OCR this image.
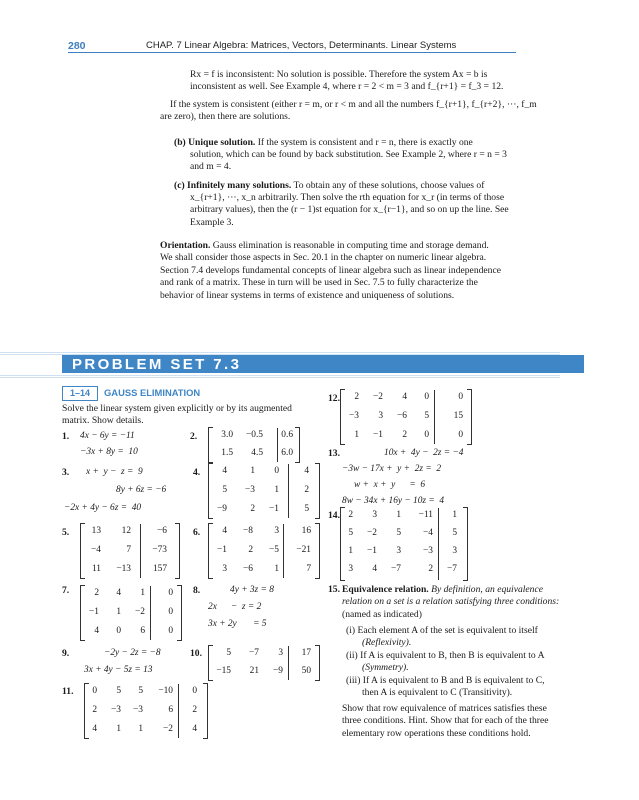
280	CHAP. 7 Linear Algebra: Matrices, Vectors, Determinants. Linear Systems
Rx = f is inconsistent: No solution is possible. Therefore the system Ax = b is
inconsistent as well. See Example 4, where r = 2 < m = 3 and f_{r+1} = f_3 = 12.
If the system is consistent (either r = m, or r < m and all the numbers f_{r+1}, f_{r+2}, ···, f_m
are zero), then there are solutions.
(b) Unique solution. If the system is consistent and r = n, there is exactly one
solution, which can be found by back substitution. See Example 2, where r = n = 3
and m = 4.
(c) Infinitely many solutions. To obtain any of these solutions, choose values of
x_{r+1}, ···, x_n arbitrarily. Then solve the rth equation for x_r (in terms of those
arbitrary values), then the (r − 1)st equation for x_{r−1}, and so on up the line. See
Example 3.
Orientation. Gauss elimination is reasonable in computing time and storage demand.
We shall consider those aspects in Sec. 20.1 in the chapter on numeric linear algebra.
Section 7.4 develops fundamental concepts of linear algebra such as linear independence
and rank of a matrix. These in turn will be used in Sec. 7.5 to fully characterize the
behavior of linear systems in terms of existence and uniqueness of solutions.
PROBLEM SET 7.3
1–14	GAUSS ELIMINATION
Solve the linear system given explicitly or by its augmented
matrix. Show details.
1. 4x − 6y = −11
−3x + 8y =  10
2.	3.0	−0.5	0.6
1.5	4.5	6.0
3. x +  y −  z =  9
8y + 6z = −6
−2x + 4y − 6z =  40
4.	4	1	0	4
5	−3	1	2
−9	2	−1	5
5.	13	12	−6
−4	7	−73
11	−13	157
6.	4	−8	3	16
−1	2	−5	−21
3	−6	1	7
7.	2	4	1	0
−1	1	−2	0
4	0	6	0
8.	4y + 3z = 8
2x      −  z = 2
3x + 2y       = 5
9.	−2y − 2z = −8
3x + 4y − 5z = 13
10.	5	−7	3	17
−15	21	−9	50
11.	0	5	5	−10	0
2	−3	−3	6	2
4	1	1	−2	4
12.	2	−2	4	0	0
−3	3	−6	5	15
1	−1	2	0	0
13.	10x +  4y −  2z = −4
−3w − 17x +  y +  2z =  2
w +  x +  y      =  6
8w − 34x + 16y − 10z =  4
14. 2	3	1	−11	1
5	−2	5	−4	5
1	−1	3	−3	3
3	4	−7	2	−7
15. Equivalence relation. By definition, an equivalence
relation on a set is a relation satisfying three conditions:
(named as indicated)
(i) Each element A of the set is equivalent to itself
(Reflexivity).
(ii) If A is equivalent to B, then B is equivalent to A
(Symmetry).
(iii) If A is equivalent to B and B is equivalent to C,
then A is equivalent to C (Transitivity).
Show that row equivalence of matrices satisfies these
three conditions. Hint. Show that for each of the three
elementary row operations these conditions hold.
